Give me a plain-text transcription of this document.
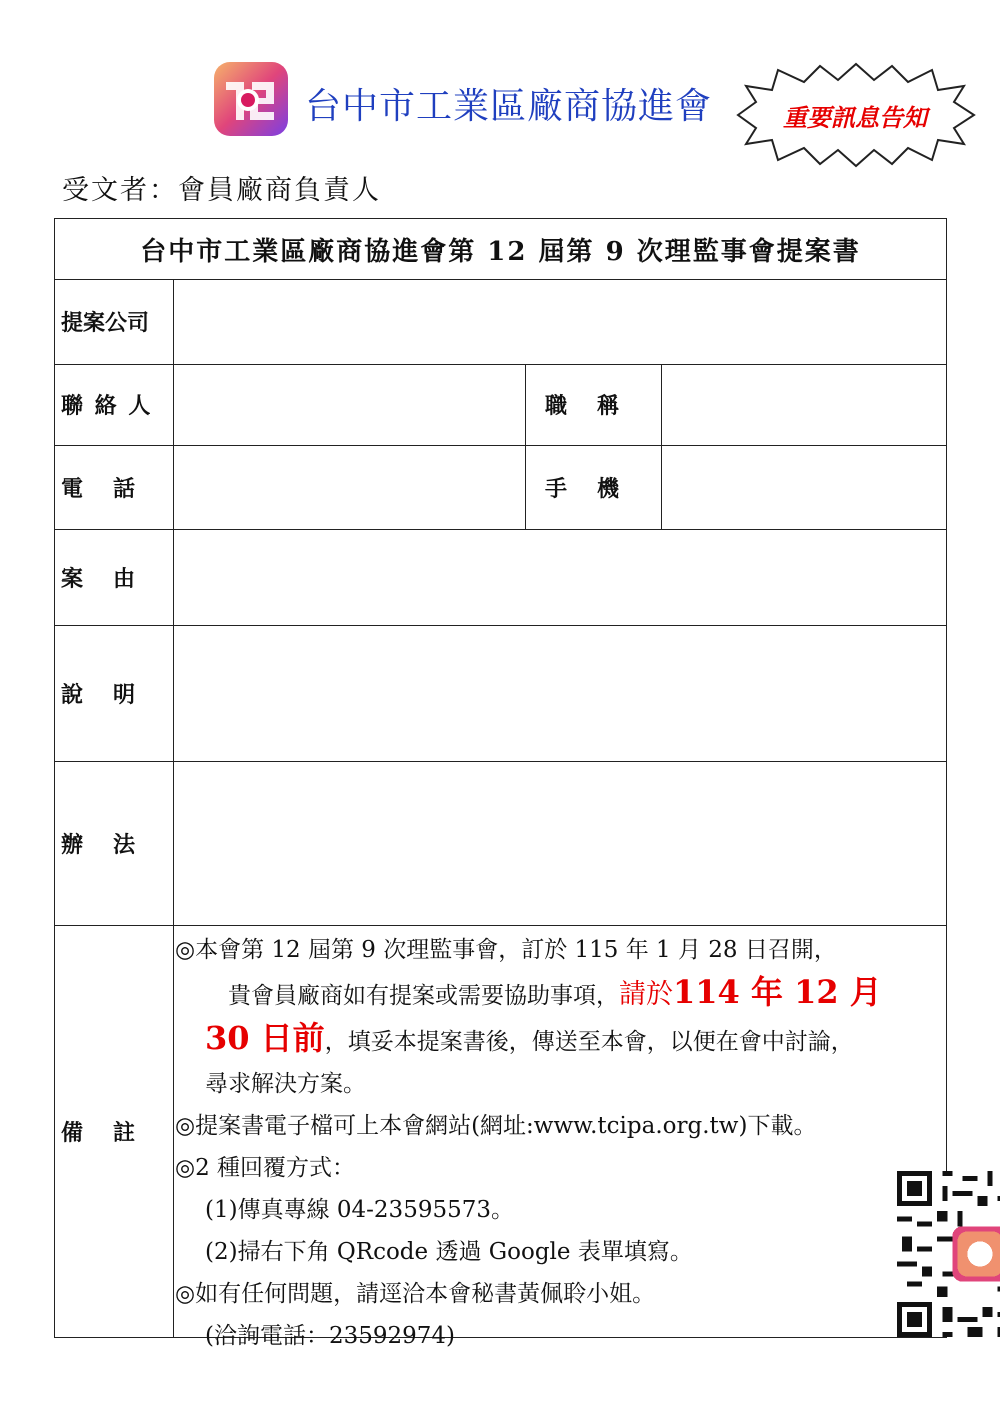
台中市工業區廠商協進會	重要訊息告知
受文者：會員廠商負責人
台中市工業區廠商協進會第 12 屆第 9 次理監事會提案書
提案公司
聯 絡 人	職　稱
電　話	手　機
案　由
說　明
辦　法
備　註

◎本會第 12 屆第 9 次理監事會，訂於 115 年 1 月 28 日召開，

　貴會員廠商如有提案或需要協助事項，請於114 年 12 月

30 日前，填妥本提案書後，傳送至本會，以便在會中討論，

尋求解決方案。

◎提案書電子檔可上本會網站(網址:www.tcipa.org.tw)下載。

◎2 種回覆方式：

(1)傳真專線 04-23595573。

(2)掃右下角 QRcode 透過 Google 表單填寫。

◎如有任何問題，請逕洽本會秘書黃佩聆小姐。

(洽詢電話：23592974)
